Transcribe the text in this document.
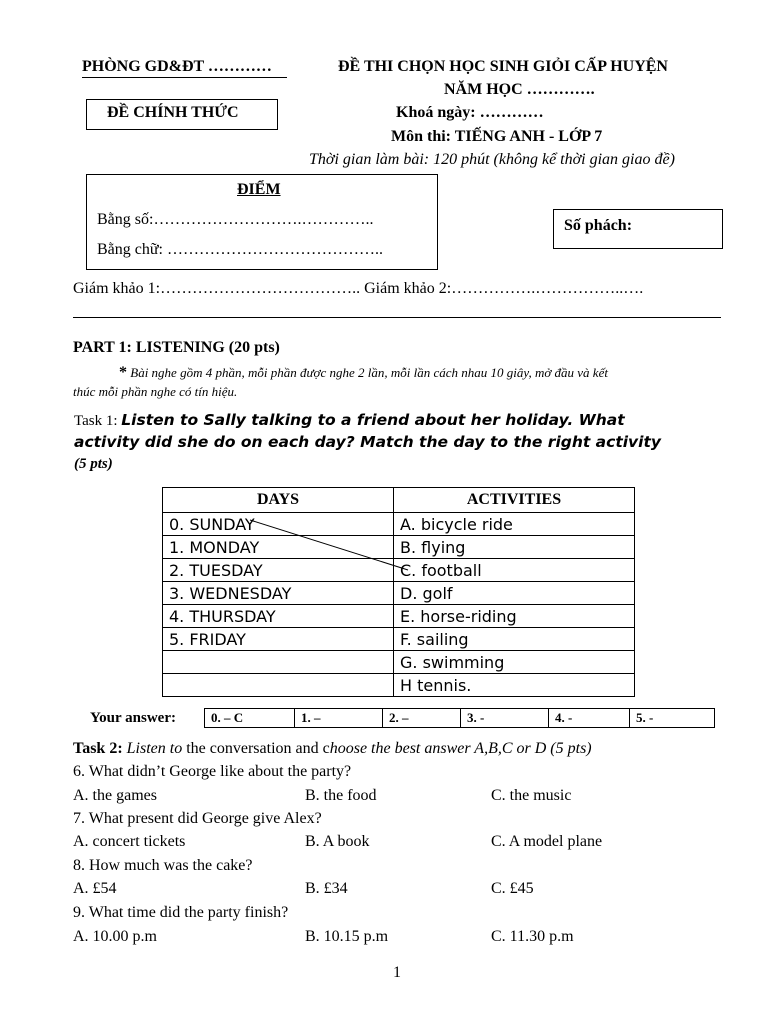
PHÒNG GD&ĐT …………	ĐỀ THI CHỌN HỌC SINH GIỎI CẤP HUYỆN
NĂM HỌC ………….
ĐỀ CHÍNH THỨC	Khoá ngày: …………
Môn thi: TIẾNG ANH - LỚP 7
Thời gian làm bài: 120 phút (không kể thời gian giao đề)
ĐIỂM
Bằng số:……………………….…………..
Bằng chữ: …………………………………..
Số phách:
Giám khảo 1:……………………………….. Giám khảo 2:…………….……………..….
PART 1: LISTENING (20 pts)
* Bài nghe gồm 4 phần, mỗi phần được nghe 2 lần, mỗi lần cách nhau 10 giây, mở đầu và kết
thúc mỗi phần nghe có tín hiệu.
Task 1: Listen to Sally talking to a friend about her holiday. What
activity did she do on each day? Match the day to the right activity
(5 pts)
DAYS	ACTIVITIES
0. SUNDAY	A. bicycle ride
1. MONDAY	B. flying
2. TUESDAY	C. football
3. WEDNESDAY	D. golf
4. THURSDAY	E. horse-riding
5. FRIDAY	F. sailing
	G. swimming
	H tennis.
Your answer:	0. – C	1. –	2. –	3. -	4. -	5. -
Task 2: Listen to the conversation and choose the best answer A,B,C or D (5 pts)
6. What didn’t George like about the party?
A. the games	B. the food	C. the music
7. What present did George give Alex?
A. concert tickets	B. A book	C. A model plane
8. How much was the cake?
A. £54	B. £34	C. £45
9. What time did the party finish?
A. 10.00 p.m	B. 10.15 p.m	C. 11.30 p.m
1
